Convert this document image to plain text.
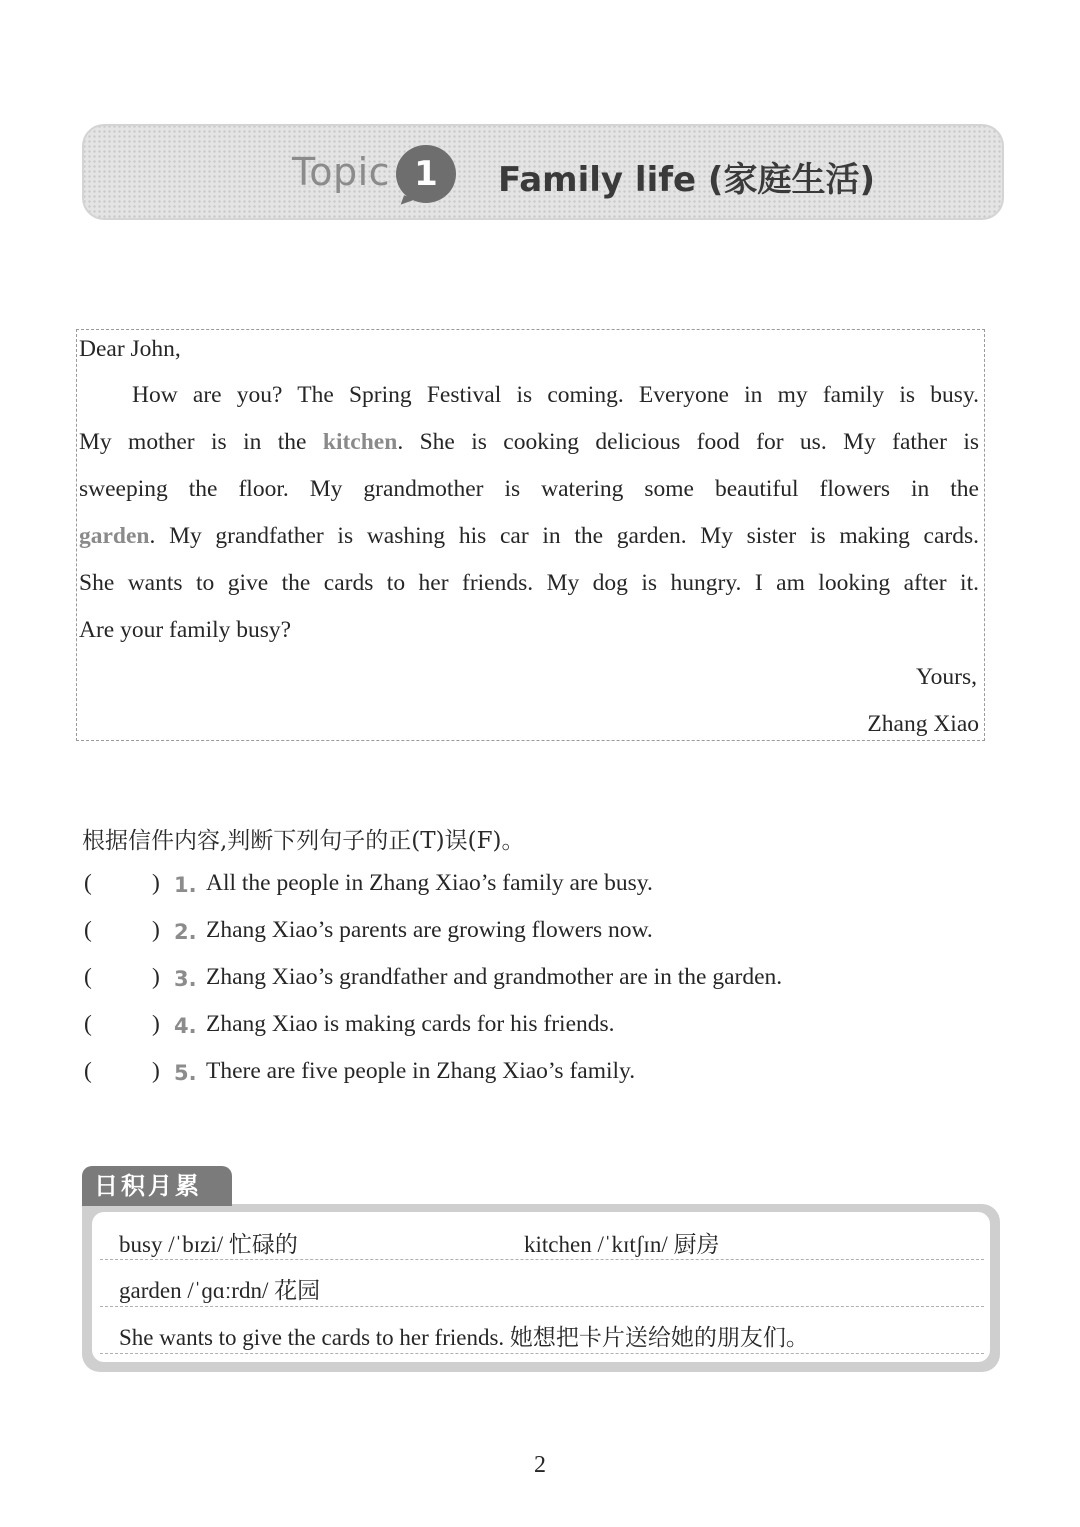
Topic 1	Family life (家庭生活)
Dear John,
How are you? The Spring Festival is coming. Everyone in my family is busy.
My mother is in the kitchen. She is cooking delicious food for us. My father is
sweeping the floor. My grandmother is watering some beautiful flowers in the
garden. My grandfather is washing his car in the garden. My sister is making cards.
She wants to give the cards to her friends. My dog is hungry. I am looking after it.
Are your family busy?
Yours,
Zhang Xiao
根据信件内容,判断下列句子的正(T)误(F)。
(	) 1. All the people in Zhang Xiao’s family are busy.
(	) 2. Zhang Xiao’s parents are growing flowers now.
(	) 3. Zhang Xiao’s grandfather and grandmother are in the garden.
(	) 4. Zhang Xiao is making cards for his friends.
(	) 5. There are five people in Zhang Xiao’s family.
日积月累
busy /ˈbɪzi/ 忙碌的	kitchen /ˈkɪtʃɪn/ 厨房
garden /ˈɡɑːrdn/ 花园
She wants to give the cards to her friends. 她想把卡片送给她的朋友们。
2
